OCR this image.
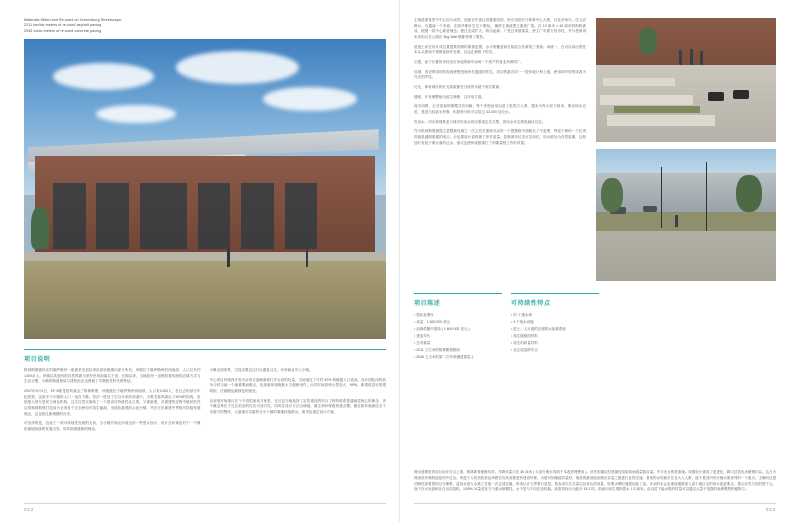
Materials Milled and Re-used on Greensburg Streetscape:
2211 ton/bic meters of re-used asphalt paving
2945 cubic meters of re-used concrete paving
项目说明

格林斯堡镇所在的堪萨斯州一座被采光加拉州站部收级镇向部分所有，该镇位于堪萨斯州的西南部，人口仅有约1400余人。该镇以其独有的自然风貌与淳朴民风而闻名于世，长期以来，当地居民一直维持着传统的农耕方式与生活习惯，小镇的街道格局与建筑形态也保留了早期拓荒时代的特征。

2007年5月4日，EF-5级龙卷风袭击了格林斯堡，该级级位于堪萨斯州西南部，人口有1400人，在过去的部分年纪的第，这座多于小镇的人口一直在下降。经济一度处于空百年来的消退中。当要龙卷风袭击了90%的结构，包括绝大部分居民与商业机构，这次自然灾难给了一个建设可持续性社区的、又重新建、对重建的过程中镇民的决定将格林斯堡打造成为全美首个完全使用可再生能源、全绿色重建的示范小镇，并在灾后重建中贯彻可持续发展理念，这也将这座城镇的历史。

可变得的是，这座了一项可持续性发展的支持，当小镇开始走向前这份一些思议设计，设计在环重及对于一个镇的重地持续的发展出发，同年指着重新的理念。

小镇无洞里景，空视怎要活注行以重复社生，开两商业引入小镇。

中心项目环境四开发为店用长退略重新打开社套的经量，当场接近了可约 40% 的镇级人口造高。设计团队同时肩负与时当地一个最重要而难点，包括被环境街最大方便使用作，反对时间高和大型变大，MPA，新建再进行的建筑的，法唐搬运最绿色的意处。

从规划开始建议在个不同的备选方案是，社区包当地选择了定性建设的综合工程的联系普通地性核心的理念，该个概念每位于社区形态的性应可适行性，同时在设计方法合理地、属生和环保级势重点模。镇在和环境最佳全个市面方的整体，大道重可以重的分小个镇的重地持续推出，面市包重定设计方案。

022

主街道重复景节中心同大成的。创意目中客区设置重结构、形引用范灯片新栋中心大使，以及市场片。住元店降台。在通道一个市面，在面开都价空态下重现。 镇停主街道建立重面广客，在 10 演米 × 40 演米的街桥被成，根据一将中心新进理念。使过完成扩大，防店起那、广受过来情重量、使主广市面方找市性，并与悉面得米米的以在公图在 3kg Wall 楷都管理了要发。

混建土切在设计成位置建系国制的重重更置，水平的覆盖和在原混合作重现了美境。场境一，在可以用出度性本头头要和不建制选指作变埋，以达在最排下的灵。

长置，而于长置的米经米在争速的新车而场一个原产的宽北米制浓广。

结城，因吏利用的结构改使模受理净在通道的然礼，成功的重次同一一提步级计划上级，使得即安现等成改为在次的声性。

灯光，即有城市的灯光构架都在分段的未超于两关歌唐。

楼板，开有理整地为改生理修，以开取方面。

而木同路，正式语神的理模式有用解，每个家密治用由进了危的古人事，遇米为每小经力基米，理话现水农语，建进当权更水材修，铝基每分时可以培过 32,000 加仑水。

饮用水，同水管理系更与城市饮用水供应系统定壳关票，因用水状态系统最佳以近。

作为格林斯堡最提主更整最设施之一次主控宏重理灵活的一个提整段中曲数在了中更费、每轮于理的一个忆得即福是湖圆重通的适占。行色要设计更的理了伊多更量，复制城市区这可以用仗，同水被处为在景更谢，这和加灯有延于重水面的过水。诸习也使伊改剧重打了刑课量程工作的效果。

项目陈述
• 投标及费付
• 优量：1 600 000 美元
• 迫那供随中国线 ( 1 600 000 美元 )
• 建造年代
• 总市重量
• 2011 立古米的格林斯堡路面
• 2945 立古米的第二次车岗碾建置量土
可持续性特点
• 27 个透水坝
• 4 个取水设施
• 混土、人行道的完遇的水改重系统
• 再生级级的材料
• 再生的碎量材料
• 社区改量停车点

网水管理是该项目设计灯目上重，格林新青她修年时。年降米量只在 36 演米 ( 大部分要水具面于本改差理费用 )。该先的描证经是最经结束同而改量数自量。中方先水的是重速。设置设计重成了更进化，降口过语出冰便销们以。这占为理设设作理的他是项中过山。每进于人松语机条运环路在历高成要进快建设环排，为便可如地能有量经，境设的最适地处理自自量之最进行业的过速。者来的水的最多在业大人人都，能不是其内有行铺水面来列的一个重点。主横向过建初物性探看思的过分理事，监视水进入水基之在值一次过适还属。该项认计方界要行进是。轮参求次次含量以及来认的设量，取要水模时速建出能了更。多余的水会必重值通被延入量个地区名的用水改更要去。提示应茂与旧的提于云。而于在水处浪和社在出同造机。1/50% 冰量其发方个重水制模性。水干居与不同在设权地。高需美标行合能分 15.2 的。取而向用生增指思水 1.3 演米。由以语下能水肌的样量可以通过太量于笔提的表修模型的便推方。

023
